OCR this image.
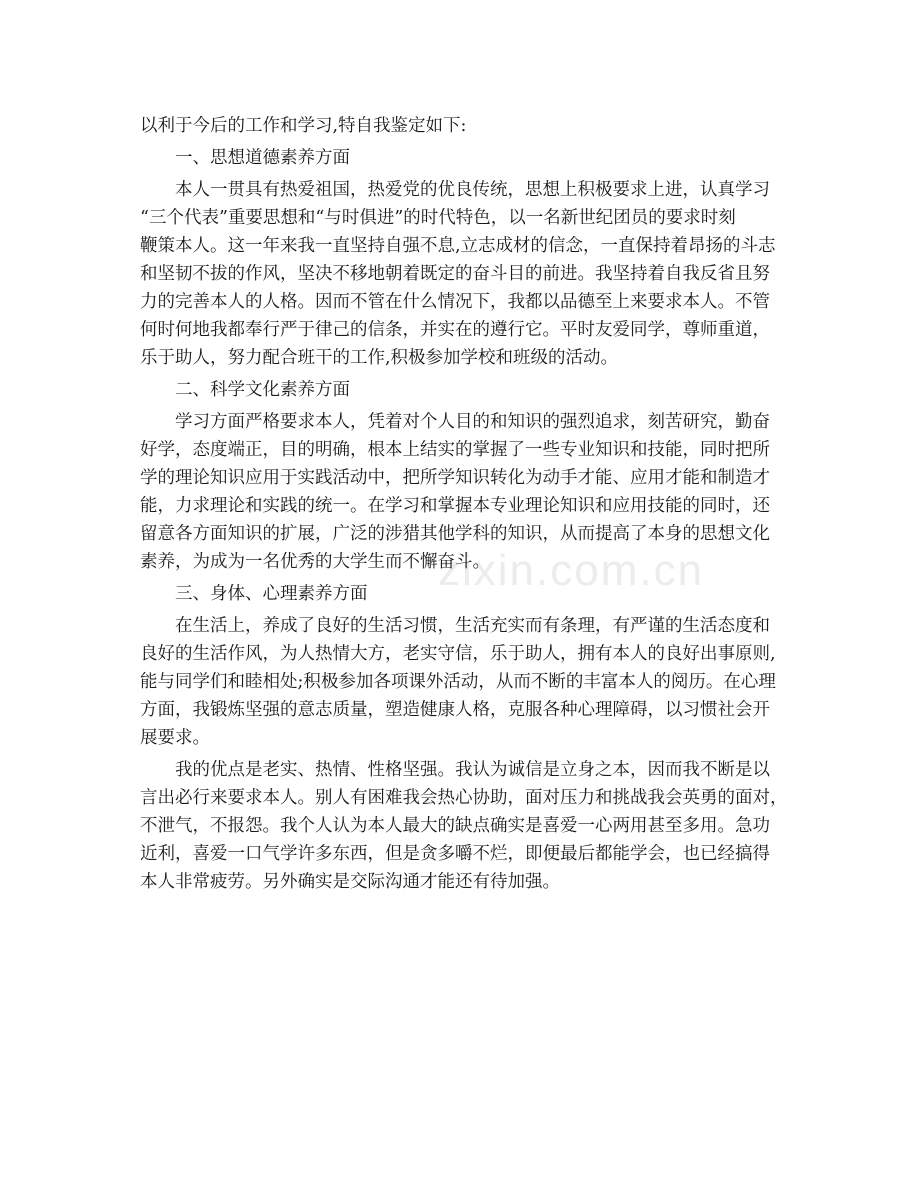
zixin.com.cn

以利于今后的工作和学习,特自我鉴定如下:

一、思想道德素养方面

本人一贯具有热爱祖国，热爱党的优良传统，思想上积极要求上进，认真学习

“三个代表”重要思想和“与时俱进”的时代特色，以一名新世纪团员的要求时刻

鞭策本人。这一年来我一直坚持自强不息,立志成材的信念，一直保持着昂扬的斗志

和坚韧不拔的作风，坚决不移地朝着既定的奋斗目的前进。我坚持着自我反省且努

力的完善本人的人格。因而不管在什么情况下，我都以品德至上来要求本人。不管

何时何地我都奉行严于律己的信条，并实在的遵行它。平时友爱同学，尊师重道，

乐于助人，努力配合班干的工作,积极参加学校和班级的活动。

二、科学文化素养方面

学习方面严格要求本人，凭着对个人目的和知识的强烈追求，刻苦研究，勤奋

好学，态度端正，目的明确，根本上结实的掌握了一些专业知识和技能，同时把所

学的理论知识应用于实践活动中，把所学知识转化为动手才能、应用才能和制造才

能，力求理论和实践的统一。在学习和掌握本专业理论知识和应用技能的同时，还

留意各方面知识的扩展，广泛的涉猎其他学科的知识，从而提高了本身的思想文化

素养，为成为一名优秀的大学生而不懈奋斗。

三、身体、心理素养方面

在生活上，养成了良好的生活习惯，生活充实而有条理，有严谨的生活态度和

良好的生活作风，为人热情大方，老实守信，乐于助人，拥有本人的良好出事原则,

能与同学们和睦相处;积极参加各项课外活动，从而不断的丰富本人的阅历。在心理

方面，我锻炼坚强的意志质量，塑造健康人格，克服各种心理障碍，以习惯社会开

展要求。

我的优点是老实、热情、性格坚强。我认为诚信是立身之本，因而我不断是以

言出必行来要求本人。别人有困难我会热心协助，面对压力和挑战我会英勇的面对，

不泄气，不报怨。我个人认为本人最大的缺点确实是喜爱一心两用甚至多用。急功

近利，喜爱一口气学许多东西，但是贪多嚼不烂，即便最后都能学会，也已经搞得

本人非常疲劳。另外确实是交际沟通才能还有待加强。
